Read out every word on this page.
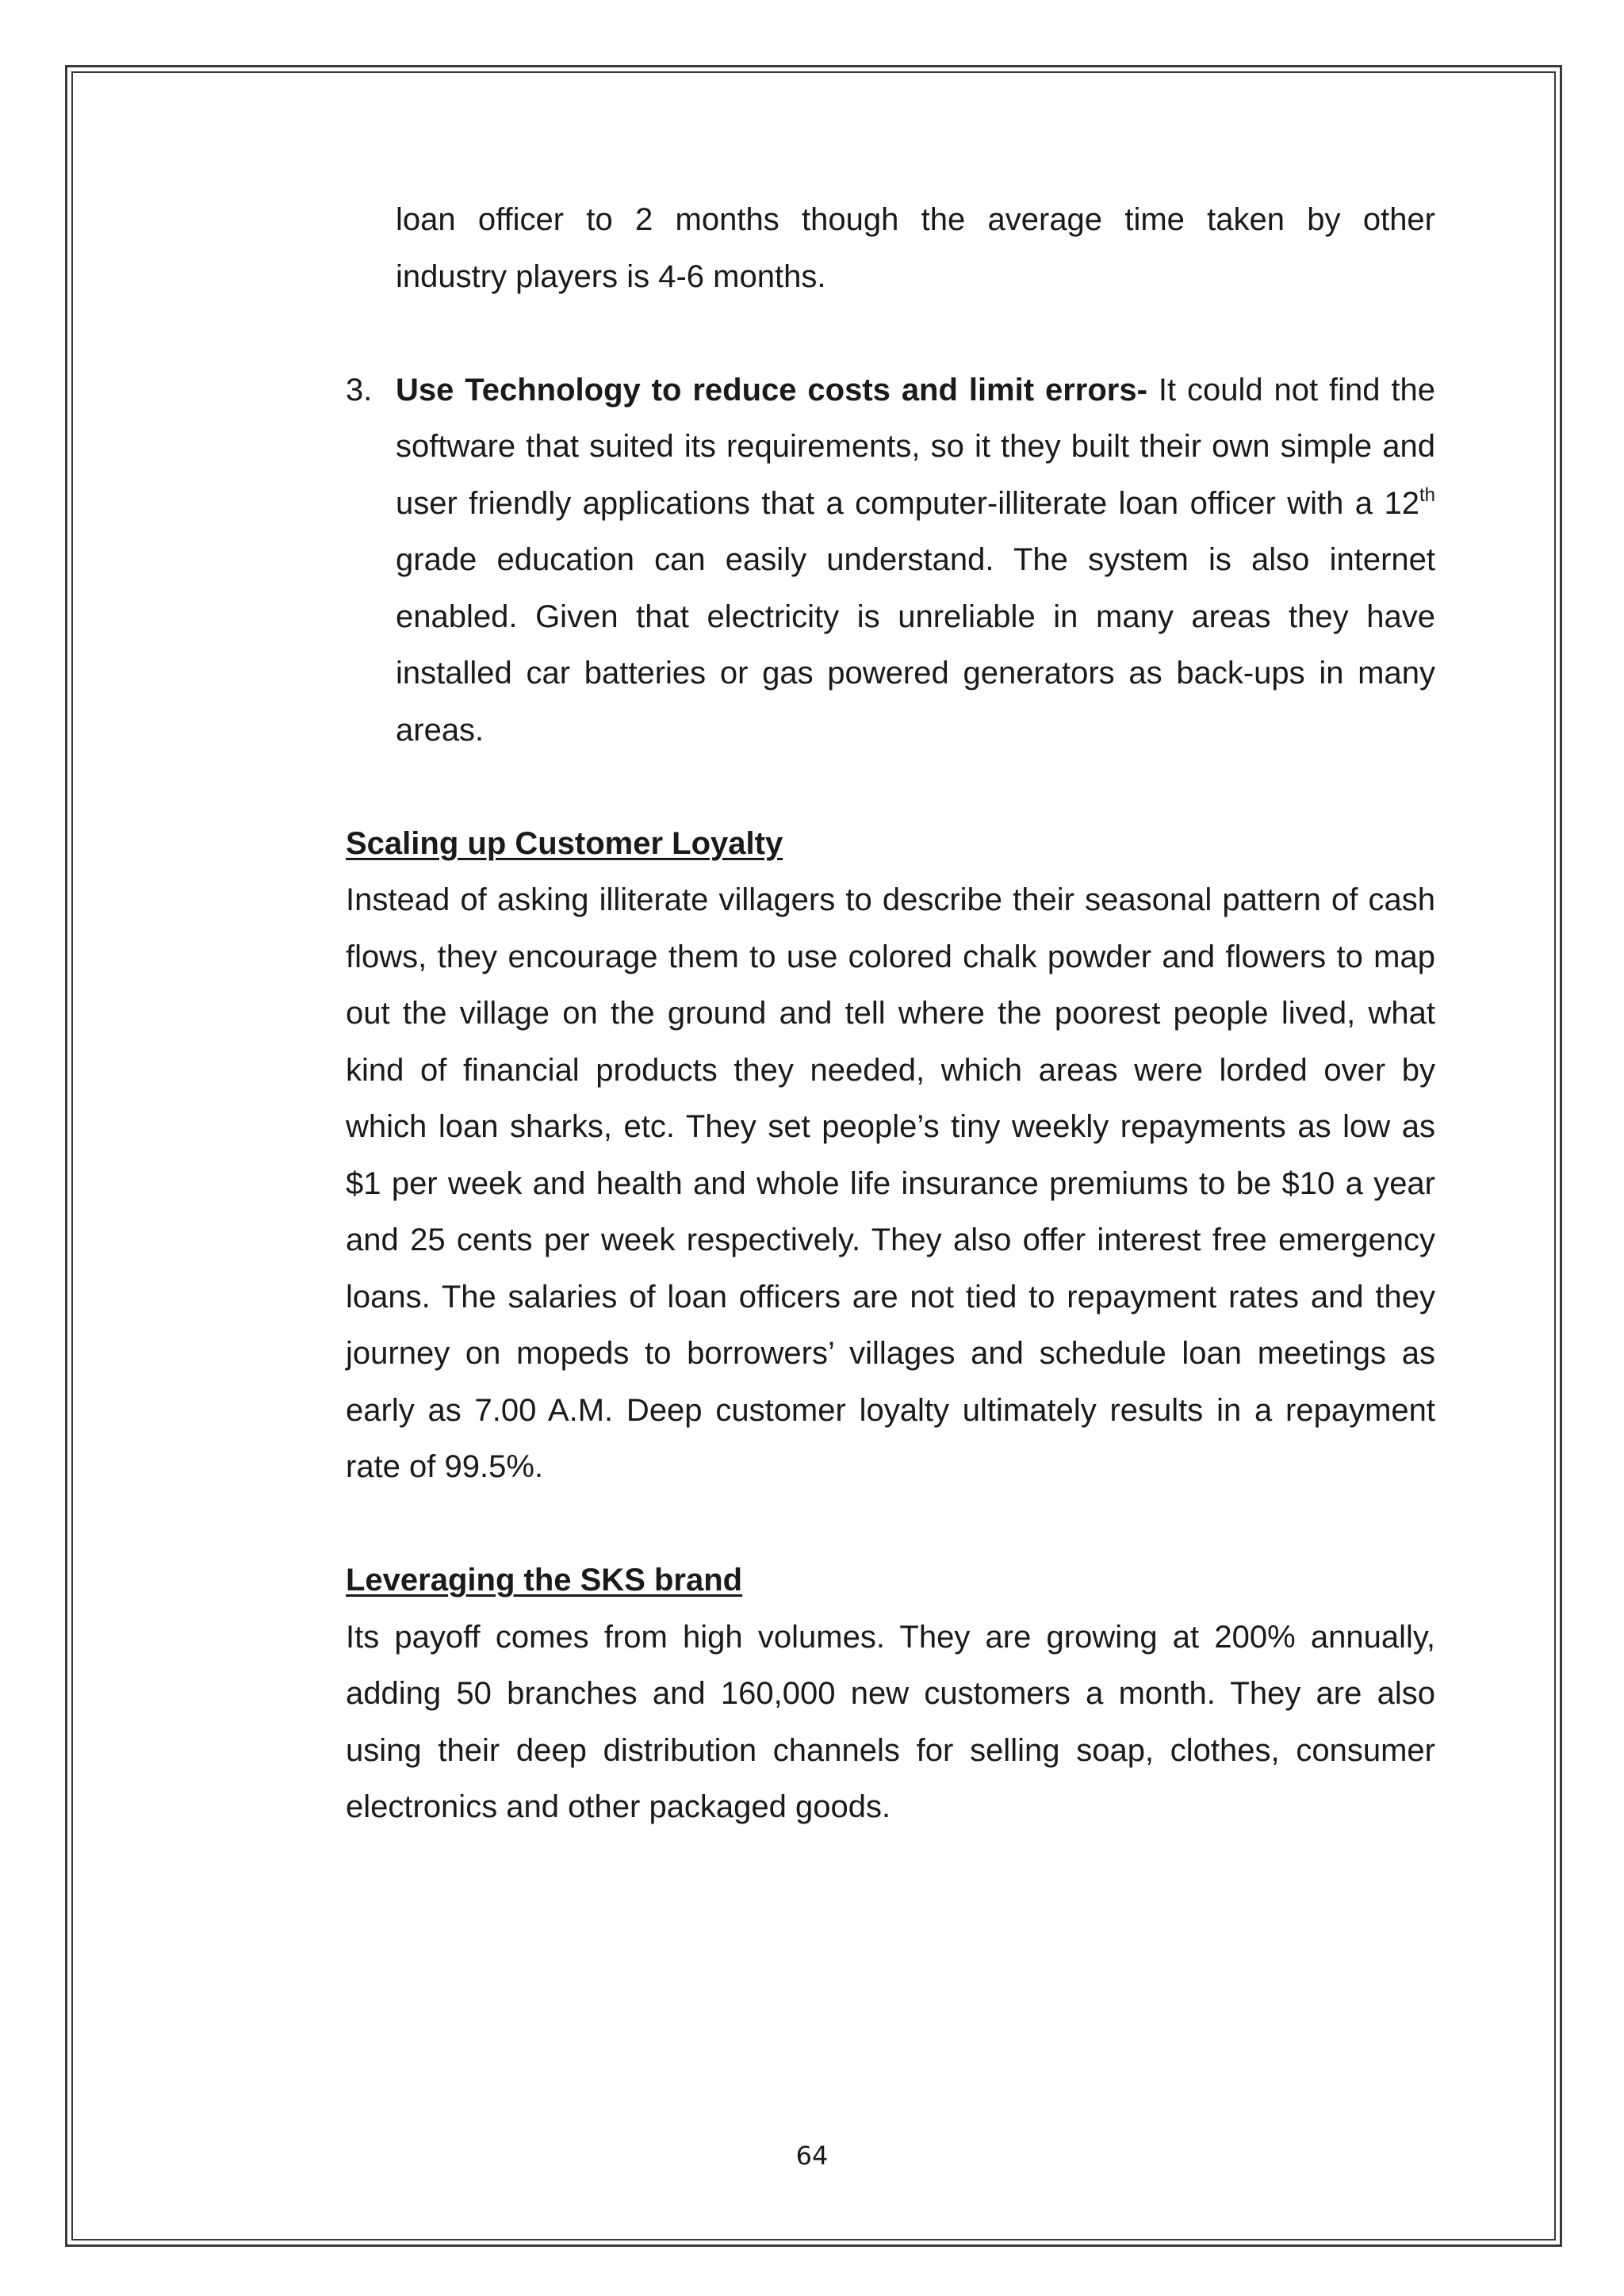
loan officer to 2 months though the average time taken by other
industry players is 4-6 months.

3. Use Technology to reduce costs and limit errors- It could not find the software that suited its requirements, so it they built their own simple and user friendly applications that a computer-illiterate loan officer with a 12th grade education can easily understand. The system is also internet enabled. Given that electricity is unreliable in many areas they have installed car batteries or gas powered generators as back-ups in many areas.

Scaling up Customer Loyalty

Instead of asking illiterate villagers to describe their seasonal pattern of cash flows, they encourage them to use colored chalk powder and flowers to map out the village on the ground and tell where the poorest people lived, what kind of financial products they needed, which areas were lorded over by which loan sharks, etc. They set people’s tiny weekly repayments as low as $1 per week and health and whole life insurance premiums to be $10 a year and 25 cents per week respectively. They also offer interest free emergency loans. The salaries of loan officers are not tied to repayment rates and they journey on mopeds to borrowers’ villages and schedule loan meetings as early as 7.00 A.M. Deep customer loyalty ultimately results in a repayment rate of 99.5%.

Leveraging the SKS brand

Its payoff comes from high volumes. They are growing at 200% annually, adding 50 branches and 160,000 new customers a month. They are also using their deep distribution channels for selling soap, clothes, consumer electronics and other packaged goods.

64
